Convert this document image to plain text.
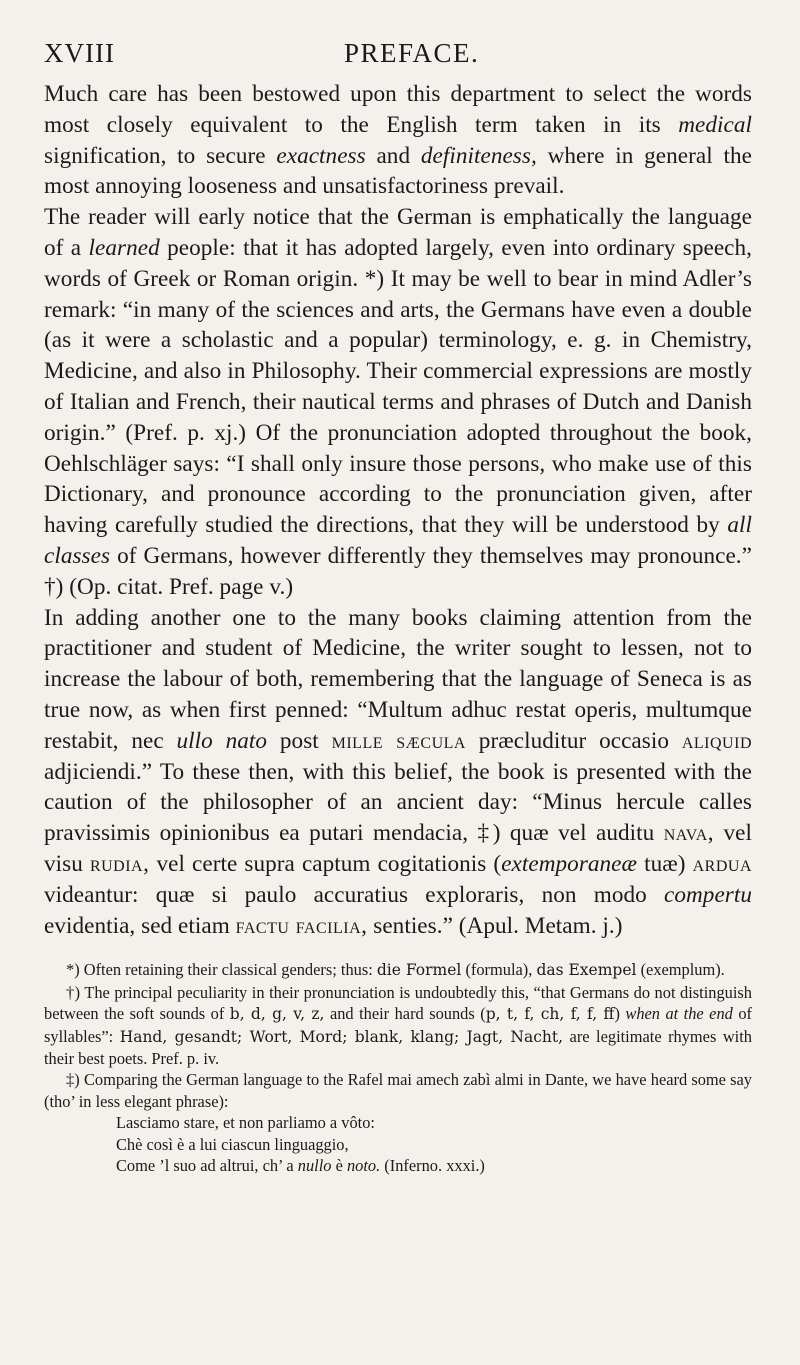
XVIII	PREFACE.

Much care has been bestowed upon this department to select the words most closely equivalent to the English term taken in its medical signification, to secure exactness and definiteness, where in general the most annoying looseness and unsatisfactoriness prevail.

The reader will early notice that the German is emphatically the language of a learned people: that it has adopted largely, even into ordinary speech, words of Greek or Roman origin. *) It may be well to bear in mind Adler’s remark: “in many of the sciences and arts, the Germans have even a double (as it were a scholastic and a popular) terminology, e. g. in Chemistry, Medicine, and also in Philosophy. Their commercial expressions are mostly of Italian and French, their nautical terms and phrases of Dutch and Danish origin.” (Pref. p. xj.) Of the pronunciation adopted throughout the book, Oehlschläger says: “I shall only insure those persons, who make use of this Dictionary, and pronounce according to the pronunciation given, after having carefully studied the directions, that they will be understood by all classes of Germans, however differently they themselves may pronounce.” †) (Op. citat. Pref. page v.)

In adding another one to the many books claiming attention from the practitioner and student of Medicine, the writer sought to lessen, not to increase the labour of both, remembering that the language of Seneca is as true now, as when first penned: “Multum adhuc restat operis, multumque restabit, nec ullo nato post mille sæcula præcluditur occasio aliquid adjiciendi.” To these then, with this belief, the book is presented with the caution of the philosopher of an ancient day: “Minus hercule calles pravissimis opinionibus ea putari mendacia, ‡) quæ vel auditu nava, vel visu rudia, vel certe supra captum cogitationis (extemporaneæ tuæ) ardua videantur: quæ si paulo accuratius exploraris, non modo compertu evidentia, sed etiam factu facilia, senties.” (Apul. Metam. j.)

*) Often retaining their classical genders; thus: die Formel (formula), das Exempel (exemplum).

†) The principal peculiarity in their pronunciation is undoubtedly this, “that Germans do not distinguish between the soft sounds of b, d, g, v, z, and their hard sounds (p, t, f, ch, f, f, ff) when at the end of syllables”: Hand, gesandt; Wort, Mord; blank, klang; Jagt, Nacht, are legitimate rhymes with their best poets. Pref. p. iv.

‡) Comparing the German language to the Rafel mai amech zabì almi in Dante, we have heard some say (tho’ in less elegant phrase):

Lasciamo stare, et non parliamo a vôto:

Chè così è a lui ciascun linguaggio,

Come ’l suo ad altrui, ch’ a nullo è noto. (Inferno. xxxi.)
